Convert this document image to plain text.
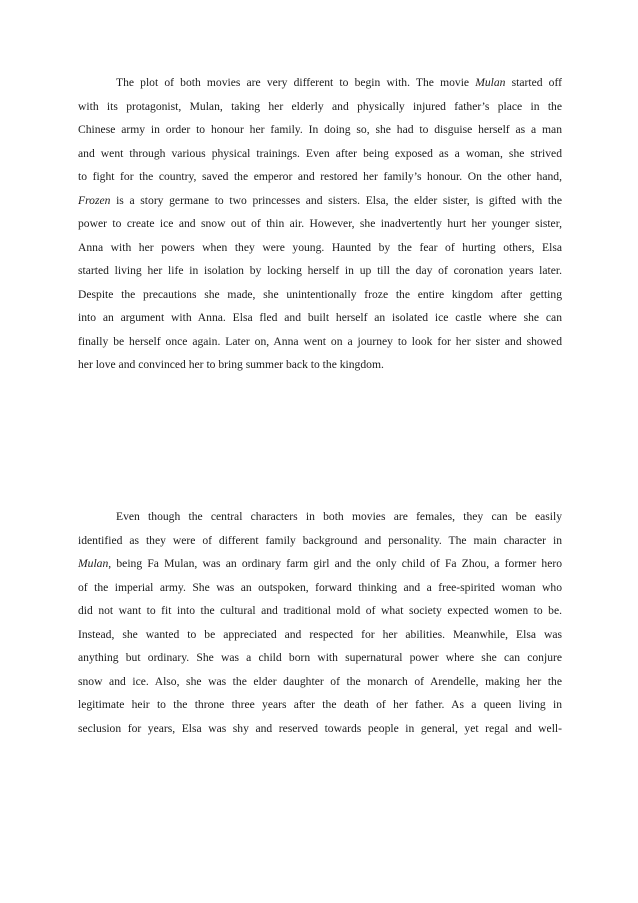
The plot of both movies are very different to begin with. The movie Mulan started off
with its protagonist, Mulan, taking her elderly and physically injured father’s place in the
Chinese army in order to honour her family. In doing so, she had to disguise herself as a man
and went through various physical trainings. Even after being exposed as a woman, she strived
to fight for the country, saved the emperor and restored her family’s honour. On the other hand,
Frozen is a story germane to two princesses and sisters. Elsa, the elder sister, is gifted with the
power to create ice and snow out of thin air. However, she inadvertently hurt her younger sister,
Anna with her powers when they were young. Haunted by the fear of hurting others, Elsa
started living her life in isolation by locking herself in up till the day of coronation years later.
Despite the precautions she made, she unintentionally froze the entire kingdom after getting
into an argument with Anna. Elsa fled and built herself an isolated ice castle where she can
finally be herself once again. Later on, Anna went on a journey to look for her sister and showed
her love and convinced her to bring summer back to the kingdom.
Even though the central characters in both movies are females, they can be easily
identified as they were of different family background and personality. The main character in
Mulan, being Fa Mulan, was an ordinary farm girl and the only child of Fa Zhou, a former hero
of the imperial army. She was an outspoken, forward thinking and a free-spirited woman who
did not want to fit into the cultural and traditional mold of what society expected women to be.
Instead, she wanted to be appreciated and respected for her abilities. Meanwhile, Elsa was
anything but ordinary. She was a child born with supernatural power where she can conjure
snow and ice. Also, she was the elder daughter of the monarch of Arendelle, making her the
legitimate heir to the throne three years after the death of her father. As a queen living in
seclusion for years, Elsa was shy and reserved towards people in general, yet regal and well-
